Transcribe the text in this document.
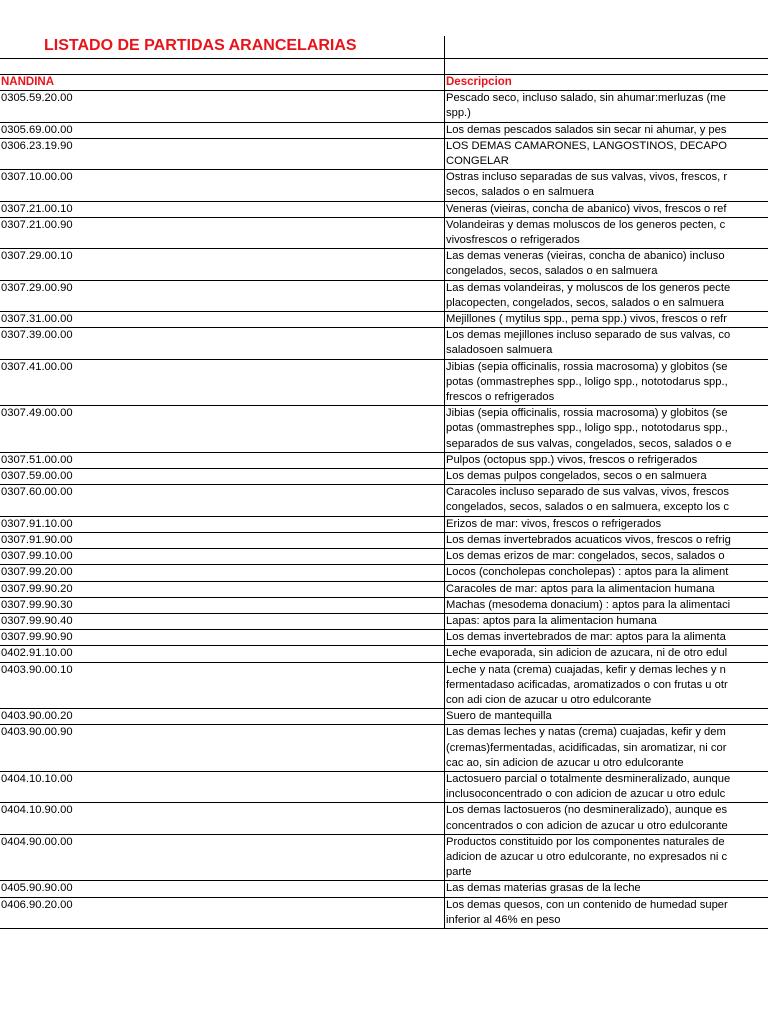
LISTADO DE PARTIDAS ARANCELARIAS
NANDINA	Descripcion
0305.59.20.00	Pescado seco, incluso salado, sin ahumar:merluzas (me
spp.)

0305.69.00.00	Los demas pescados salados sin secar ni ahumar, y pes

0306.23.19.90	LOS DEMAS CAMARONES, LANGOSTINOS, DECAPO
CONGELAR

0307.10.00.00	Ostras incluso separadas de sus valvas, vivos, frescos, r
secos, salados o en salmuera

0307.21.00.10	Veneras (vieiras, concha de abanico) vivos, frescos o ref

0307.21.00.90	Volandeiras y demas moluscos de los generos pecten, c
vivosfrescos o refrigerados

0307.29.00.10	Las demas veneras (vieiras, concha de abanico) incluso
congelados, secos, salados o en salmuera

0307.29.00.90	Las demas volandeiras, y moluscos de los generos pecte
placopecten, congelados, secos, salados o en salmuera

0307.31.00.00	Mejillones ( mytilus spp., pema spp.) vivos, frescos o refr

0307.39.00.00	Los demas mejillones incluso separado de sus valvas, co
saladosoen salmuera

0307.41.00.00	Jibias (sepia officinalis, rossia macrosoma) y globitos (se
potas (ommastrephes spp., loligo spp., nototodarus spp.,
frescos o refrigerados

0307.49.00.00	Jibias (sepia officinalis, rossia macrosoma) y globitos (se
potas (ommastrephes spp., loligo spp., nototodarus spp.,
separados de sus valvas, congelados, secos, salados o e

0307.51.00.00	Pulpos (octopus spp.) vivos, frescos o refrigerados

0307.59.00.00	Los demas pulpos congelados, secos o en salmuera

0307.60.00.00	Caracoles incluso separado de sus valvas, vivos, frescos
congelados, secos, salados o en salmuera, excepto los c

0307.91.10.00	Erizos de mar: vivos, frescos o refrigerados

0307.91.90.00	Los demas invertebrados acuaticos vivos, frescos o refrig

0307.99.10.00	Los demas erizos de mar: congelados, secos, salados o

0307.99.20.00	Locos (concholepas concholepas) : aptos para la aliment

0307.99.90.20	Caracoles de mar: aptos para la alimentacion humana

0307.99.90.30	Machas (mesodema donacium) : aptos para la alimentaci

0307.99.90.40	Lapas: aptos para la alimentacion humana

0307.99.90.90	Los demas invertebrados de mar: aptos para la alimenta

0402.91.10.00	Leche evaporada, sin adicion de azucara, ni de otro edul

0403.90.00.10	Leche y nata (crema) cuajadas, kefir y demas leches y n
fermentadaso acificadas, aromatizados o con frutas u otr
con adi cion de azucar u otro edulcorante

0403.90.00.20	Suero de mantequilla

0403.90.00.90	Las demas leches y natas (crema) cuajadas, kefir y dem
(cremas)fermentadas, acidificadas, sin aromatizar, ni cor
cac ao, sin adicion de azucar u otro edulcorante

0404.10.10.00	Lactosuero parcial o totalmente desmineralizado, aunque
inclusoconcentrado o con adicion de azucar u otro edulc

0404.10.90.00	Los demas lactosueros (no desmineralizado), aunque es
concentrados o con adicion de azucar u otro edulcorante

0404.90.00.00	Productos constituido por los componentes naturales de
adicion de azucar u otro edulcorante, no expresados ni c
parte

0405.90.90.00	Las demas materias grasas de la leche

0406.90.20.00	Los demas quesos, con un contenido de humedad super
inferior al 46% en peso
